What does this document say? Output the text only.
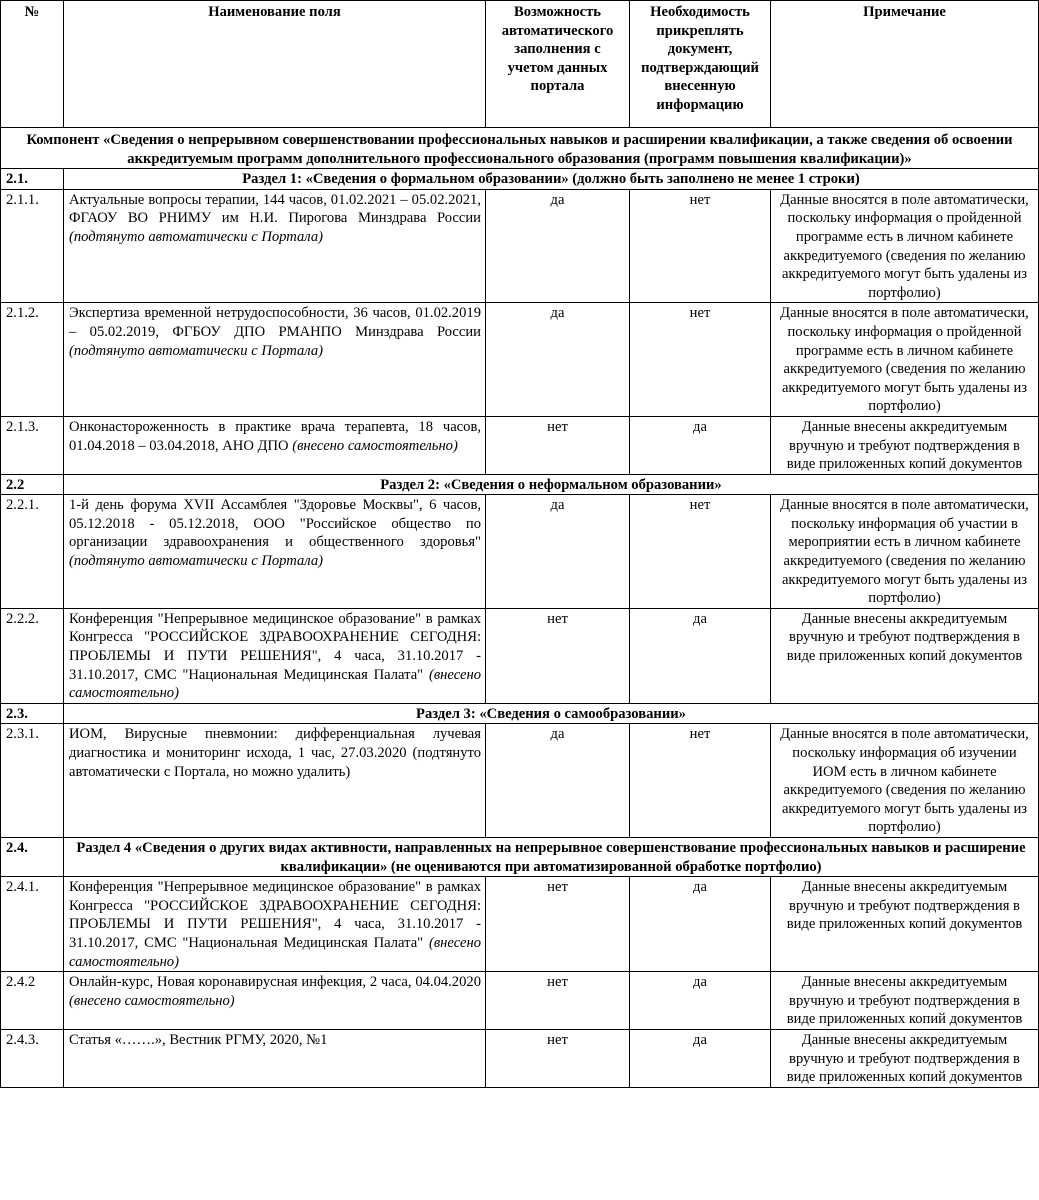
№	Наименование поля	Возможность автоматического заполнения с учетом данных портала	Необходимость прикреплять документ, подтверждающий внесенную информацию	Примечание
Компонент «Сведения о непрерывном совершенствовании профессиональных навыков и расширении квалификации, а также сведения об освоении аккредитуемым программ дополнительного профессионального образования (программ повышения квалификации)»				
2.1.	Раздел 1: «Сведения о формальном образовании» (должно быть заполнено не менее 1 строки)			
2.1.1.	Актуальные вопросы терапии, 144 часов, 01.02.2021 – 05.02.2021, ФГАОУ ВО РНИМУ им Н.И. Пирогова Минздрава России (подтянуто автоматически с Портала)	да	нет	Данные вносятся в поле автоматически, поскольку информация о пройденной программе есть в личном кабинете аккредитуемого (сведения по желанию аккредитуемого могут быть удалены из портфолио)
2.1.2.	Экспертиза временной нетрудоспособности, 36 часов, 01.02.2019 – 05.02.2019, ФГБОУ ДПО РМАНПО Минздрава России (подтянуто автоматически с Портала)	да	нет	Данные вносятся в поле автоматически, поскольку информация о пройденной программе есть в личном кабинете аккредитуемого (сведения по желанию аккредитуемого могут быть удалены из портфолио)
2.1.3.	Онконастороженность в практике врача терапевта, 18 часов, 01.04.2018 – 03.04.2018, АНО ДПО (внесено самостоятельно)	нет	да	Данные внесены аккредитуемым вручную и требуют подтверждения в виде приложенных копий документов
2.2	Раздел 2: «Сведения о неформальном образовании»			
2.2.1.	1-й день форума XVII Ассамблея "Здоровье Москвы", 6 часов, 05.12.2018 - 05.12.2018, ООО "Российское общество по организации здравоохранения и общественного здоровья" (подтянуто автоматически с Портала)	да	нет	Данные вносятся в поле автоматически, поскольку информация об участии в мероприятии есть в личном кабинете аккредитуемого (сведения по желанию аккредитуемого могут быть удалены из портфолио)
2.2.2.	Конференция "Непрерывное медицинское образование" в рамках Конгресса "РОССИЙСКОЕ ЗДРАВООХРАНЕНИЕ СЕГОДНЯ: ПРОБЛЕМЫ И ПУТИ РЕШЕНИЯ", 4 часа, 31.10.2017 - 31.10.2017, СМС "Национальная Медицинская Палата" (внесено самостоятельно)	нет	да	Данные внесены аккредитуемым вручную и требуют подтверждения в виде приложенных копий документов
2.3.	Раздел 3: «Сведения о самообразовании»			
2.3.1.	ИОМ, Вирусные пневмонии: дифференциальная лучевая диагностика и мониторинг исхода, 1 час, 27.03.2020 (подтянуто автоматически с Портала, но можно удалить)	да	нет	Данные вносятся в поле автоматически, поскольку информация об изучении ИОМ есть в личном кабинете аккредитуемого (сведения по желанию аккредитуемого могут быть удалены из портфолио)
2.4.	Раздел 4 «Сведения о других видах активности, направленных на непрерывное совершенствование профессиональных навыков и расширение квалификации» (не оцениваются при автоматизированной обработке портфолио)			
2.4.1.	Конференция "Непрерывное медицинское образование" в рамках Конгресса "РОССИЙСКОЕ ЗДРАВООХРАНЕНИЕ СЕГОДНЯ: ПРОБЛЕМЫ И ПУТИ РЕШЕНИЯ", 4 часа, 31.10.2017 - 31.10.2017, СМС "Национальная Медицинская Палата" (внесено самостоятельно)	нет	да	Данные внесены аккредитуемым вручную и требуют подтверждения в виде приложенных копий документов
2.4.2	Онлайн-курс, Новая коронавирусная инфекция, 2 часа, 04.04.2020 (внесено самостоятельно)	нет	да	Данные внесены аккредитуемым вручную и требуют подтверждения в виде приложенных копий документов
2.4.3.	Статья «…….», Вестник РГМУ, 2020, №1	нет	да	Данные внесены аккредитуемым вручную и требуют подтверждения в виде приложенных копий документов
